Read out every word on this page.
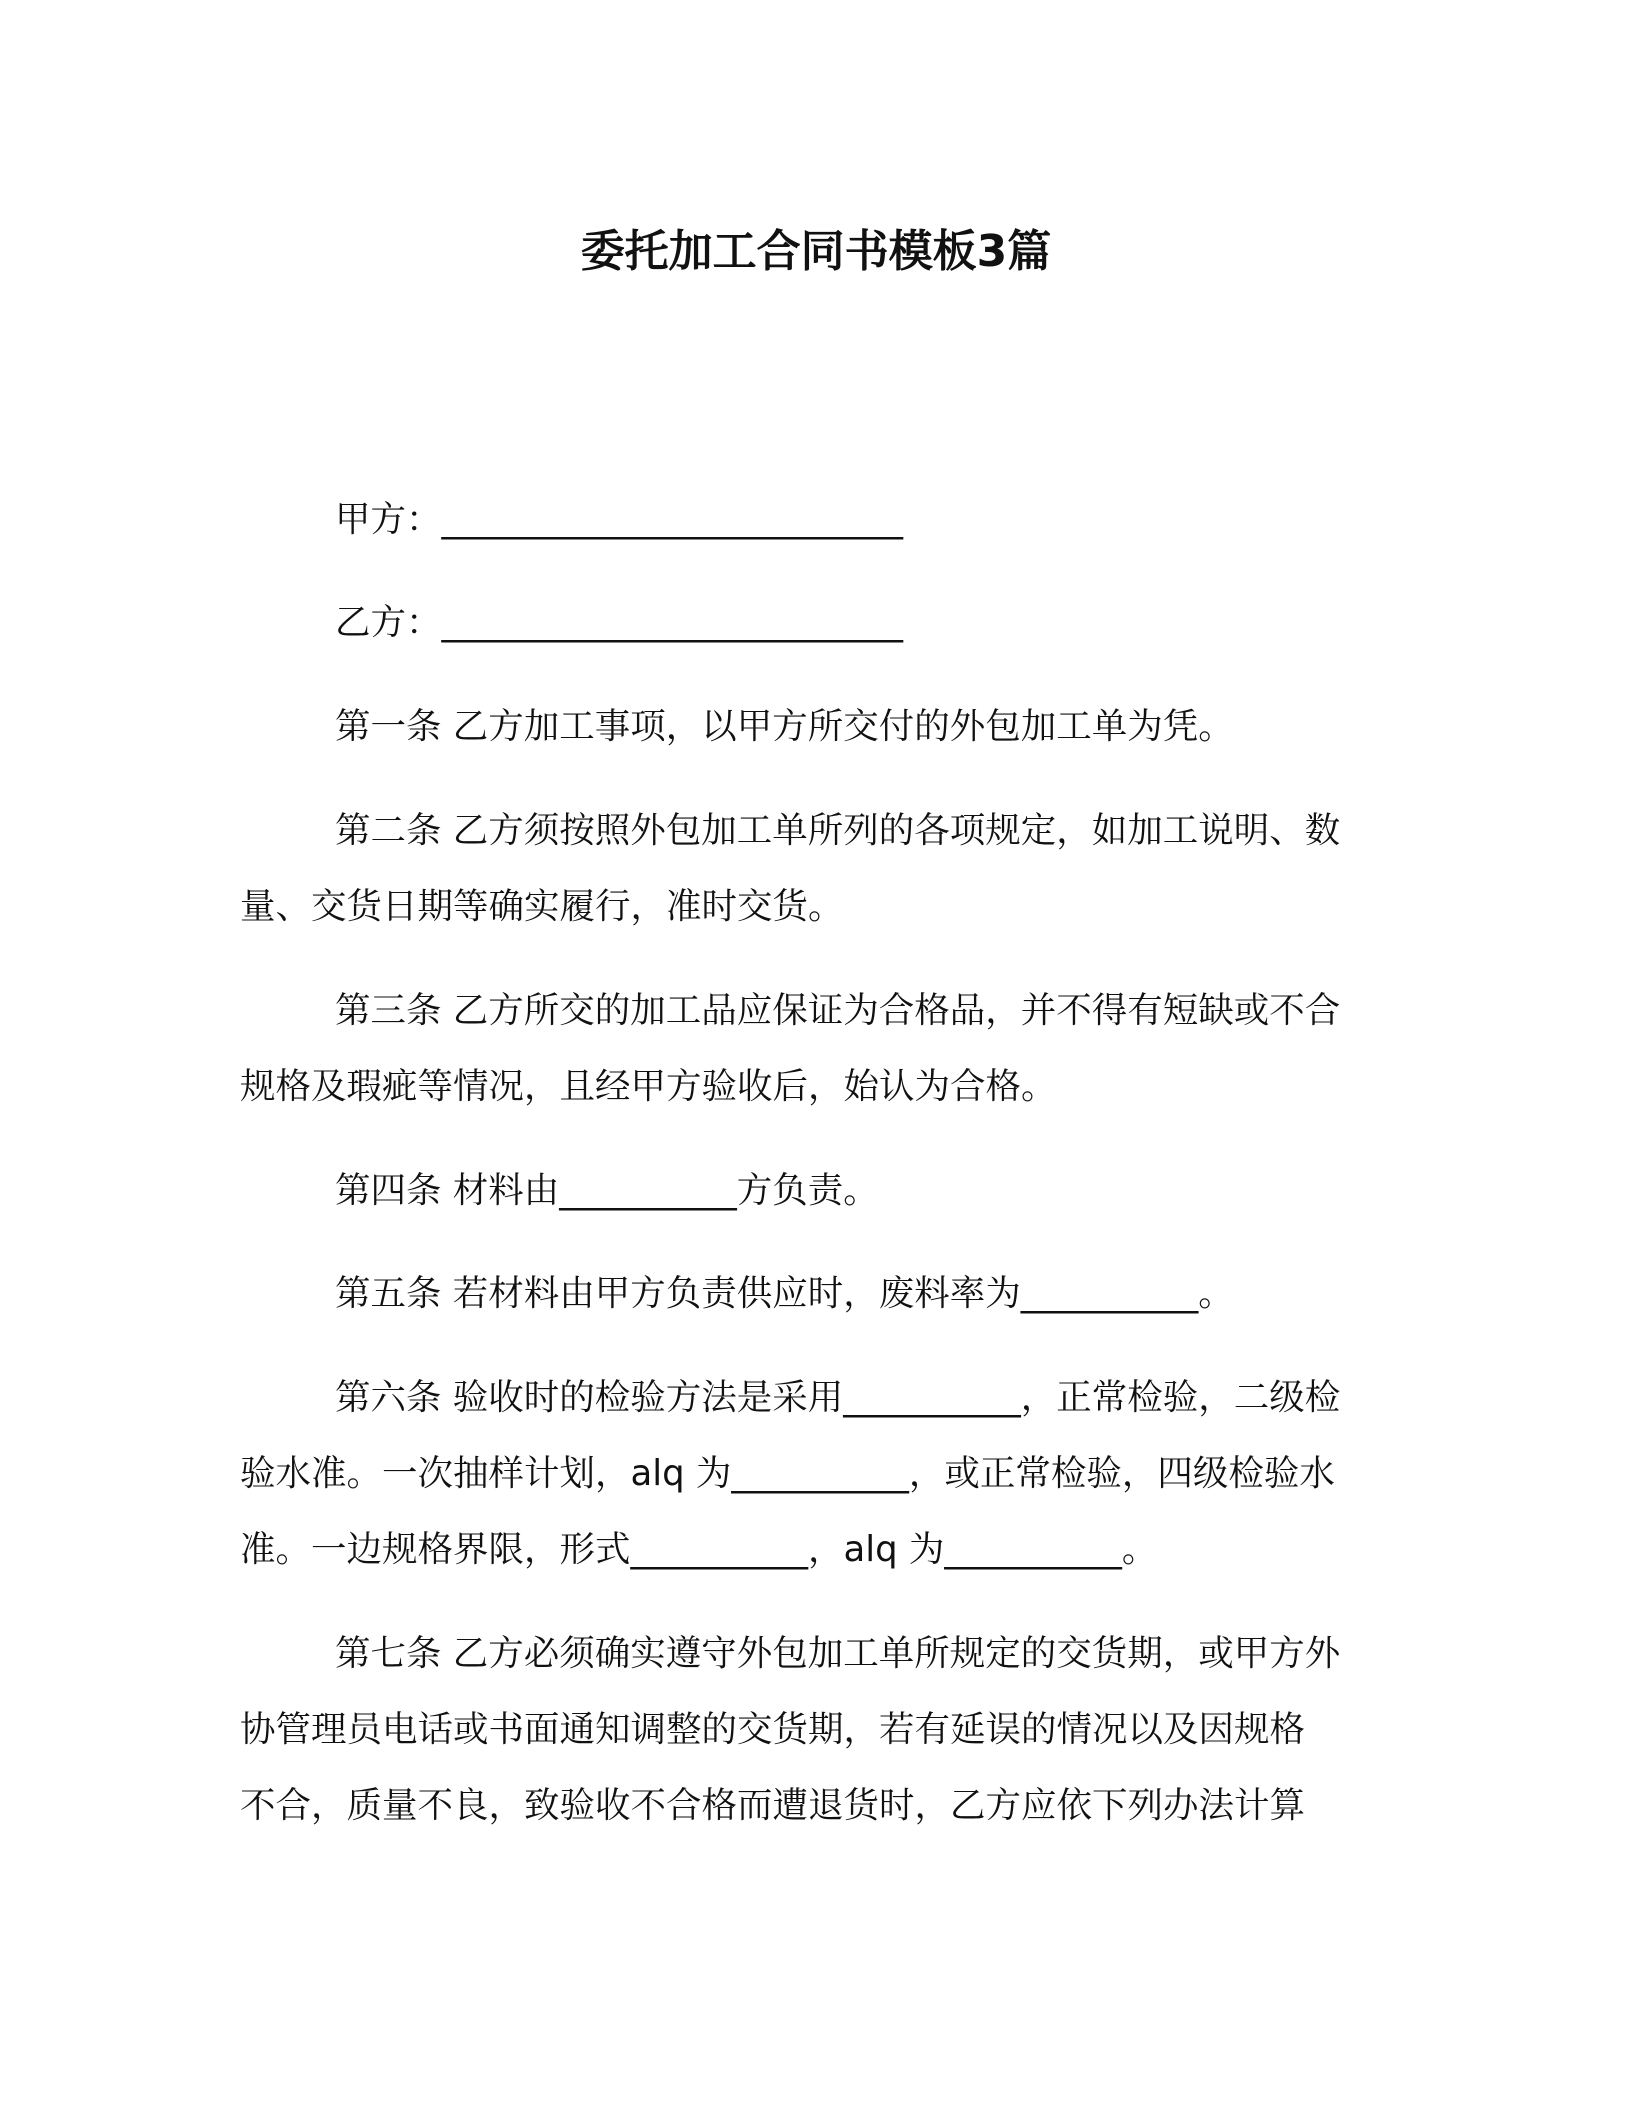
委托加工合同书模板3篇
甲方：__________________________
乙方：__________________________
第一条 乙方加工事项，以甲方所交付的外包加工单为凭。
第二条 乙方须按照外包加工单所列的各项规定，如加工说明、数
量、交货日期等确实履行，准时交货。
第三条 乙方所交的加工品应保证为合格品，并不得有短缺或不合
规格及瑕疵等情况，且经甲方验收后，始认为合格。
第四条 材料由__________方负责。
第五条 若材料由甲方负责供应时，废料率为__________。
第六条 验收时的检验方法是采用__________，正常检验，二级检
验水准。一次抽样计划，alq 为__________，或正常检验，四级检验水
准。一边规格界限，形式__________，alq 为__________。
第七条 乙方必须确实遵守外包加工单所规定的交货期，或甲方外
协管理员电话或书面通知调整的交货期，若有延误的情况以及因规格
不合，质量不良，致验收不合格而遭退货时，乙方应依下列办法计算
